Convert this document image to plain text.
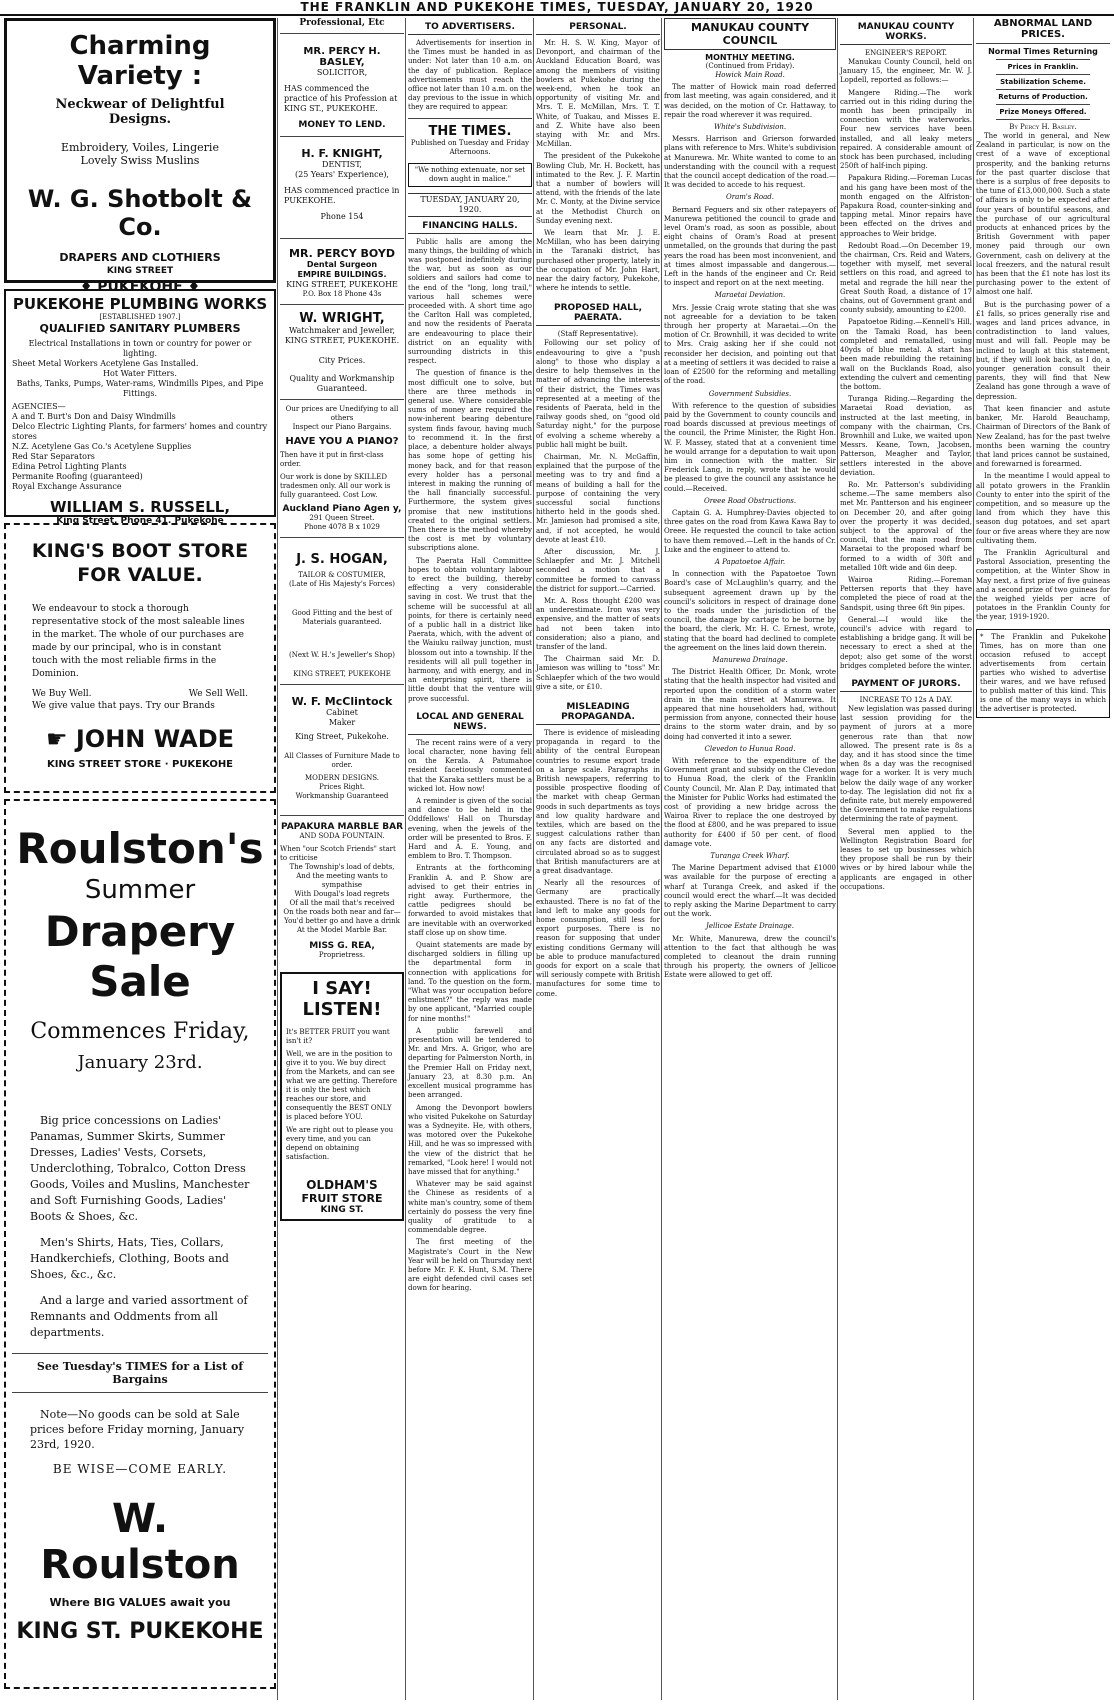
THE FRANKLIN AND PUKEKOHE TIMES, TUESDAY, JANUARY 20, 1920
Charming Variety :
Neckwear of Delightful Designs.
Embroidery, Voiles, Lingerie Lovely Swiss Muslins
W. G. Shotbolt & Co.
DRAPERS AND CLOTHIERS
KING STREET
♦ PUKEKOHE ♦
PUKEKOHE PLUMBING WORKS
[ESTABLISHED 1907.]
QUALIFIED SANITARY PLUMBERS
Electrical Installations in town or country for power or lighting.
Sheet Metal Workers Acetylene Gas Installed.
Hot Water Fitters.
Baths, Tanks, Pumps, Water-rams, Windmills Pipes, and Pipe Fittings.
AGENCIES—
A and T. Burt's Don and Daisy Windmills
Delco Electric Lighting Plants, for farmers' homes and country stores
N.Z. Acetylene Gas Co.'s Acetylene Supplies
Red Star Separators
Edina Petrol Lighting Plants
Permanite Roofing (guaranteed)
Royal Exchange Assurance
WILLIAM S. RUSSELL,
King Street, Phone 41. Pukekohe
KING'S BOOT STORE FOR VALUE.
We endeavour to stock a thorough representative stock of the most saleable lines in the market. The whole of our purchases are made by our principal, who is in constant touch with the most reliable firms in the Dominion.
We Buy Well.	We Sell Well.
We give value that pays. Try our Brands
☛ JOHN WADE
KING STREET STORE · PUKEKOHE
Roulston's
Summer
Drapery
Sale
Commences Friday,
January 23rd.
Big price concessions on Ladies' Panamas, Summer Skirts, Summer Dresses, Ladies' Vests, Corsets, Underclothing, Tobralco, Cotton Dress Goods, Voiles and Muslins, Manchester and Soft Furnishing Goods, Ladies' Boots & Shoes, &c.
Men's Shirts, Hats, Ties, Collars, Handkerchiefs, Clothing, Boots and Shoes, &c., &c.
And a large and varied assortment of Remnants and Oddments from all departments.
See Tuesday's TIMES for a List of Bargains
Note—No goods can be sold at Sale prices before Friday morning, January 23rd, 1920.
BE WISE—COME EARLY.
W. Roulston
Where BIG VALUES await you
KING ST. PUKEKOHE
Professional, Etc
MR. PERCY H. BASLEY,
SOLICITOR,
HAS commenced the practice of his Profession at KING ST., PUKEKOHE.
MONEY TO LEND.
H. F. KNIGHT,
DENTIST,
(25 Years' Experience),
HAS commenced practice in PUKEKOHE.
Phone 154
MR. PERCY BOYD
Dental Surgeon
EMPIRE BUILDINGS.
KING STREET, PUKEKOHE
P.O. Box 18 Phone 43s
W. WRIGHT,
Watchmaker and Jeweller,
KING STREET, PUKEKOHE.
City Prices.
Quality and Workmanship Guaranteed.
Our prices are Unedifying to all others
Inspect our Piano Bargains.
HAVE YOU A PIANO?
Then have it put in first-class order.
Our work is done by SKILLED tradesmen only. All our work is fully guaranteed. Cost Low.
Auckland Piano Agen y,
291 Queen Street.
Phone 4078 B x 1029
J. S. HOGAN,
TAILOR & COSTUMIER,
(Late of His Majesty's Forces)
Good Fitting and the best of Materials guaranteed.
(Next W. H.'s Jeweller's Shop)
KING STREET, PUKEKOHE
W. F. McClintock
Cabinet
Maker
King Street, Pukekohe.
All Classes of Furniture Made to order.
MODERN DESIGNS.
Prices Right.
Workmanship Guaranteed
PAPAKURA MARBLE BAR
AND SODA FOUNTAIN.
When "our Scotch Friends" start to criticise
The Township's load of debts,
And the meeting wants to sympathise
With Dougal's load regrets
Of all the mail that's received
On the roads both near and far—
You'd better go and have a drink
At the Model Marble Bar.
MISS G. REA,
Proprietress.
I SAY!
LISTEN!
It's BETTER FRUIT you want isn't it?
Well, we are in the position to give it to you. We buy direct from the Markets, and can see what we are getting. Therefore it is only the best which reaches our store, and consequently the BEST ONLY is placed before YOU.
We are right out to please you every time, and you can depend on obtaining satisfaction.
OLDHAM'S
FRUIT STORE
KING ST.
TO ADVERTISERS.

Advertisements for insertion in the Times must be handed in as under: Not later than 10 a.m. on the day of publication. Replace advertisements must reach the office not later than 10 a.m. on the day previous to the issue in which they are required to appear.

THE TIMES.
Published on Tuesday and Friday Afternoons.
"We nothing extenuate, nor set down aught in malice."
TUESDAY, JANUARY 20, 1920.
FINANCING HALLS.

Public halls are among the many things, the building of which was postponed indefinitely during the war, but as soon as our soldiers and sailors had come to the end of the "long, long trail," various hall schemes were proceeded with. A short time ago the Carlton Hall was completed, and now the residents of Paerata are endeavouring to place their district on an equality with surrounding districts in this respect.

The question of finance is the most difficult one to solve, but there are three methods in general use. Where considerable sums of money are required the now-inherent bearing debenture system finds favour, having much to recommend it. In the first place, a debenture holder always has some hope of getting his money back, and for that reason every holder has a personal interest in making the running of the hall financially successful. Furthermore, the system gives promise that new institutions created to the original settlers. Then there is the method whereby the cost is met by voluntary subscriptions alone.

The Paerata Hall Committee hopes to obtain voluntary labour to erect the building, thereby effecting a very considerable saving in cost. We trust that the scheme will be successful at all points, for there is certainly need of a public hall in a district like Paerata, which, with the advent of the Waiuku railway junction, must blossom out into a township. If the residents will all pull together in harmony, and with energy, and in an enterprising spirit, there is little doubt that the venture will prove successful.

LOCAL AND GENERAL NEWS.

The recent rains were of a very local character, none having fell on the Kerala. A Patumahoe resident facetiously commented that the Karaka settlers must be a wicked lot. How now!

A reminder is given of the social and dance to be held in the Oddfellows' Hall on Thursday evening, when the jewels of the order will be presented to Bros. F. Hard and A. E. Young, and emblem to Bro. T. Thompson.

Entrants at the forthcoming Franklin A. and P. Show are advised to get their entries in right away. Furthermore, the cattle pedigrees should be forwarded to avoid mistakes that are inevitable with an overworked staff close up on show time.

Quaint statements are made by discharged soldiers in filling up the departmental form in connection with applications for land. To the question on the form, "What was your occupation before enlistment?" the reply was made by one applicant, "Married couple for nine months!"

A public farewell and presentation will be tendered to Mr. and Mrs. A. Grigor, who are departing for Palmerston North, in the Premier Hall on Friday next, January 23, at 8.30 p.m. An excellent musical programme has been arranged.

Among the Devonport bowlers who visited Pukekohe on Saturday was a Sydneyite. He, with others, was motored over the Pukekohe Hill, and he was so impressed with the view of the district that he remarked, "Look here! I would not have missed that for anything."

Whatever may be said against the Chinese as residents of a white man's country, some of them certainly do possess the very fine quality of gratitude to a commendable degree.

The first meeting of the Magistrate's Court in the New Year will be held on Thursday next before Mr. F. K. Hunt, S.M. There are eight defended civil cases set down for hearing.

PERSONAL.

Mr. H. S. W. King, Mayor of Devonport, and chairman of the Auckland Education Board, was among the members of visiting bowlers at Pukekohe during the week-end, when he took an opportunity of visiting Mr. and Mrs. T. E. McMillan, Mrs. T. T. White, of Tuakau, and Misses E. and Z. White have also been staying with Mr. and Mrs. McMillan.

The president of the Pukekohe Bowling Club, Mr. H. Bockett, has intimated to the Rev. J. F. Martin that a number of bowlers will attend, with the friends of the late Mr. C. Monty, at the Divine service at the Methodist Church on Sunday evening next.

We learn that Mr. J. E. McMillan, who has been dairying in the Taranaki district, has purchased other property, lately in the occupation of Mr. John Hart, near the dairy factory, Pukekohe, where he intends to settle.

PROPOSED HALL, PAERATA.
(Staff Representative).

Following our set policy of endeavouring to give a "push along" to those who display a desire to help themselves in the matter of advancing the interests of their district, the Times was represented at a meeting of the residents of Paerata, held in the railway goods shed, on "good old Saturday night," for the purpose of evolving a scheme whereby a public hall might be built.

Chairman, Mr. N. McGaffin, explained that the purpose of the meeting was to try and find a means of building a hall for the purpose of containing the very successful social functions hitherto held in the goods shed. Mr. Jamieson had promised a site, and, if not accepted, he would devote at least £10.

After discussion, Mr. J. Schlaepfer and Mr. J. Mitchell seconded a motion that a committee be formed to canvass the district for support.—Carried.

Mr. A. Ross thought £200 was an underestimate. Iron was very expensive, and the matter of seats had not been taken into consideration; also a piano, and transfer of the land.

The Chairman said Mr. D. Jamieson was willing to "toss" Mr. Schlaepfer which of the two would give a site, or £10.

MISLEADING PROPAGANDA.

There is evidence of misleading propaganda in regard to the ability of the central European countries to resume export trade on a large scale. Paragraphs in British newspapers, referring to possible prospective flooding of the market with cheap German goods in such departments as toys and low quality hardware and textiles, which are based on the suggest calculations rather than on any facts are distorted and circulated abroad so as to suggest that British manufacturers are at a great disadvantage.

Nearly all the resources of Germany are practically exhausted. There is no fat of the land left to make any goods for home consumption, still less for export purposes. There is no reason for supposing that under existing conditions Germany will be able to produce manufactured goods for export on a scale that will seriously compete with British manufactures for some time to come.

MANUKAU COUNTY COUNCIL
MONTHLY MEETING.
(Continued from Friday).

Howick Main Road.

The matter of Howick main road deferred from last meeting, was again considered, and it was decided, on the motion of Cr. Hattaway, to repair the road wherever it was required.

White's Subdivision.

Messrs. Harrison and Grierson forwarded plans with reference to Mrs. White's subdivision at Manurewa. Mr. White wanted to come to an understanding with the council with a request that the council accept dedication of the road.—It was decided to accede to his request.

Oram's Road.

Bernard Feguers and six other ratepayers of Manurewa petitioned the council to grade and level Oram's road, as soon as possible, about eight chains of Oram's Road at present unmetalled, on the grounds that during the past years the road has been most inconvenient, and at times almost impassable and dangerous.—Left in the hands of the engineer and Cr. Reid to inspect and report on at the next meeting.

Maraetai Deviation.

Mrs. Jessie Craig wrote stating that she was not agreeable for a deviation to be taken through her property at Maraetai.—On the motion of Cr. Brownhill, it was decided to write to Mrs. Craig asking her if she could not reconsider her decision, and pointing out that at a meeting of settlers it was decided to raise a loan of £2500 for the reforming and metalling of the road.

Government Subsidies.

With reference to the question of subsidies paid by the Government to county councils and road boards discussed at previous meetings of the council, the Prime Minister, the Right Hon. W. F. Massey, stated that at a convenient time he would arrange for a deputation to wait upon him in connection with the matter. Sir Frederick Lang, in reply, wrote that he would be pleased to give the council any assistance he could.—Received.

Oreee Road Obstructions.

Captain G. A. Humphrey-Davies objected to three gates on the road from Kawa Kawa Bay to Oreee. He requested the council to take action to have them removed.—Left in the hands of Cr. Luke and the engineer to attend to.

A Papatoetoe Affair.

In connection with the Papatoetoe Town Board's case of McLaughlin's quarry, and the subsequent agreement drawn up by the council's solicitors in respect of drainage done to the roads under the jurisdiction of the council, the damage by cartage to be borne by the board, the clerk, Mr. H. C. Ernest, wrote, stating that the board had declined to complete the agreement on the lines laid down therein.

Manurewa Drainage.

The District Health Officer, Dr. Monk, wrote stating that the health inspector had visited and reported upon the condition of a storm water drain in the main street at Manurewa. It appeared that nine householders had, without permission from anyone, connected their house drains to the storm water drain, and by so doing had converted it into a sewer.

Clevedon to Hunua Road.

With reference to the expenditure of the Government grant and subsidy on the Clevedon to Hunua Road, the clerk of the Franklin County Council, Mr. Alan P. Day, intimated that the Minister for Public Works had estimated the cost of providing a new bridge across the Wairoa River to replace the one destroyed by the flood at £800, and he was prepared to issue authority for £400 if 50 per cent. of flood damage vote.

Turanga Creek Wharf.

The Marine Department advised that £1000 was available for the purpose of erecting a wharf at Turanga Creek, and asked if the council would erect the wharf.—It was decided to reply asking the Marine Department to carry out the work.

Jellicoe Estate Drainage.

Mr. White, Manurewa, drew the council's attention to the fact that although he was completed to cleanout the drain running through his property, the owners of Jellicoe Estate were allowed to get off.

MANUKAU COUNTY WORKS.
ENGINEER'S REPORT.

Manukau County Council, held on January 15, the engineer, Mr. W. J. Lopdell, reported as follows:—

Mangere Riding.—The work carried out in this riding during the month has been principally in connection with the waterworks. Four new services have been installed, and all leaky meters repaired. A considerable amount of stock has been purchased, including 250ft of half-inch piping.

Papakura Riding.—Foreman Lucas and his gang have been most of the month engaged on the Alfriston-Papakura Road, counter-sinking and tapping metal. Minor repairs have been effected on the drives and approaches to Weir bridge.

Redoubt Road.—On December 19, the chairman, Crs. Reid and Waters, together with myself, met several settlers on this road, and agreed to metal and regrade the hill near the Great South Road, a distance of 17 chains, out of Government grant and county subsidy, amounting to £200.

Papatoetoe Riding.—Kennell's Hill, on the Tamaki Road, has been completed and rematalled, using 40yds of blue metal. A start has been made rebuilding the retaining wall on the Bucklands Road, also extending the culvert and cementing the bottom.

Turanga Riding.—Regarding the Maraetai Road deviation, as instructed at the last meeting, in company with the chairman, Crs. Brownhill and Luke, we waited upon Messrs. Keane, Town, Jacobsen, Patterson, Meagher and Taylor, settlers interested in the above deviation.

Ro. Mr. Patterson's subdividing scheme.—The same members also met Mr. Pantterson and his engineer on December 20, and after going over the property it was decided, subject to the approval of the council, that the main road from Maraetai to the proposed wharf be formed to a width of 30ft and metalled 10ft wide and 6in deep.

Wairoa Riding.—Foreman Pettersen reports that they have completed the piece of road at the Sandspit, using three 6ft 9in pipes.

General.—I would like the council's advice with regard to establishing a bridge gang. It will be necessary to erect a shed at the depot; also get some of the worst bridges completed before the winter.

PAYMENT OF JURORS.
INCREASE TO 12s A DAY.

New legislation was passed during last session providing for the payment of jurors at a more generous rate than that now allowed. The present rate is 8s a day, and it has stood since the time when 8s a day was the recognised wage for a worker. It is very much below the daily wage of any worker to-day. The legislation did not fix a definite rate, but merely empowered the Government to make regulations determining the rate of payment.

Several men applied to the Wellington Registration Board for leases to set up businesses which they propose shall be run by their wives or by hired labour while the applicants are engaged in other occupations.

ABNORMAL LAND PRICES.
Normal Times Returning
Prices in Franklin.
Stabilization Scheme.
Returns of Production.
Prize Moneys Offered.
By Percy H. Basley.

The world in general, and New Zealand in particular, is now on the crest of a wave of exceptional prosperity, and the banking returns for the past quarter disclose that there is a surplus of free deposits to the tune of £13,000,000. Such a state of affairs is only to be expected after four years of bountiful seasons, and the purchase of our agricultural products at enhanced prices by the British Government with paper money paid through our own Government, cash on delivery at the local freezers, and the natural result has been that the £1 note has lost its purchasing power to the extent of almost one half.

But is the purchasing power of a £1 falls, so prices generally rise and wages and land prices advance, in contradistinction to land values, must and will fall. People may be inclined to laugh at this statement, but, if they will look back, as I do, a younger generation consult their parents, they will find that New Zealand has gone through a wave of depression.

That keen financier and astute banker, Mr. Harold Beauchamp, Chairman of Directors of the Bank of New Zealand, has for the past twelve months been warning the country that land prices cannot be sustained, and forewarned is forearmed.

In the meantime I would appeal to all potato growers in the Franklin County to enter into the spirit of the competition, and so measure up the land from which they have this season dug potatoes, and set apart four or five areas where they are now cultivating them.

The Franklin Agricultural and Pastoral Association, presenting the competition, at the Winter Show in May next, a first prize of five guineas and a second prize of two guineas for the weighed yields per acre of potatoes in the Franklin County for the year, 1919-1920.

* The Franklin and Pukekohe Times, has on more than one occasion refused to accept advertisements from certain parties who wished to advertise their wares, and we have refused to publish matter of this kind. This is one of the many ways in which the advertiser is protected.
